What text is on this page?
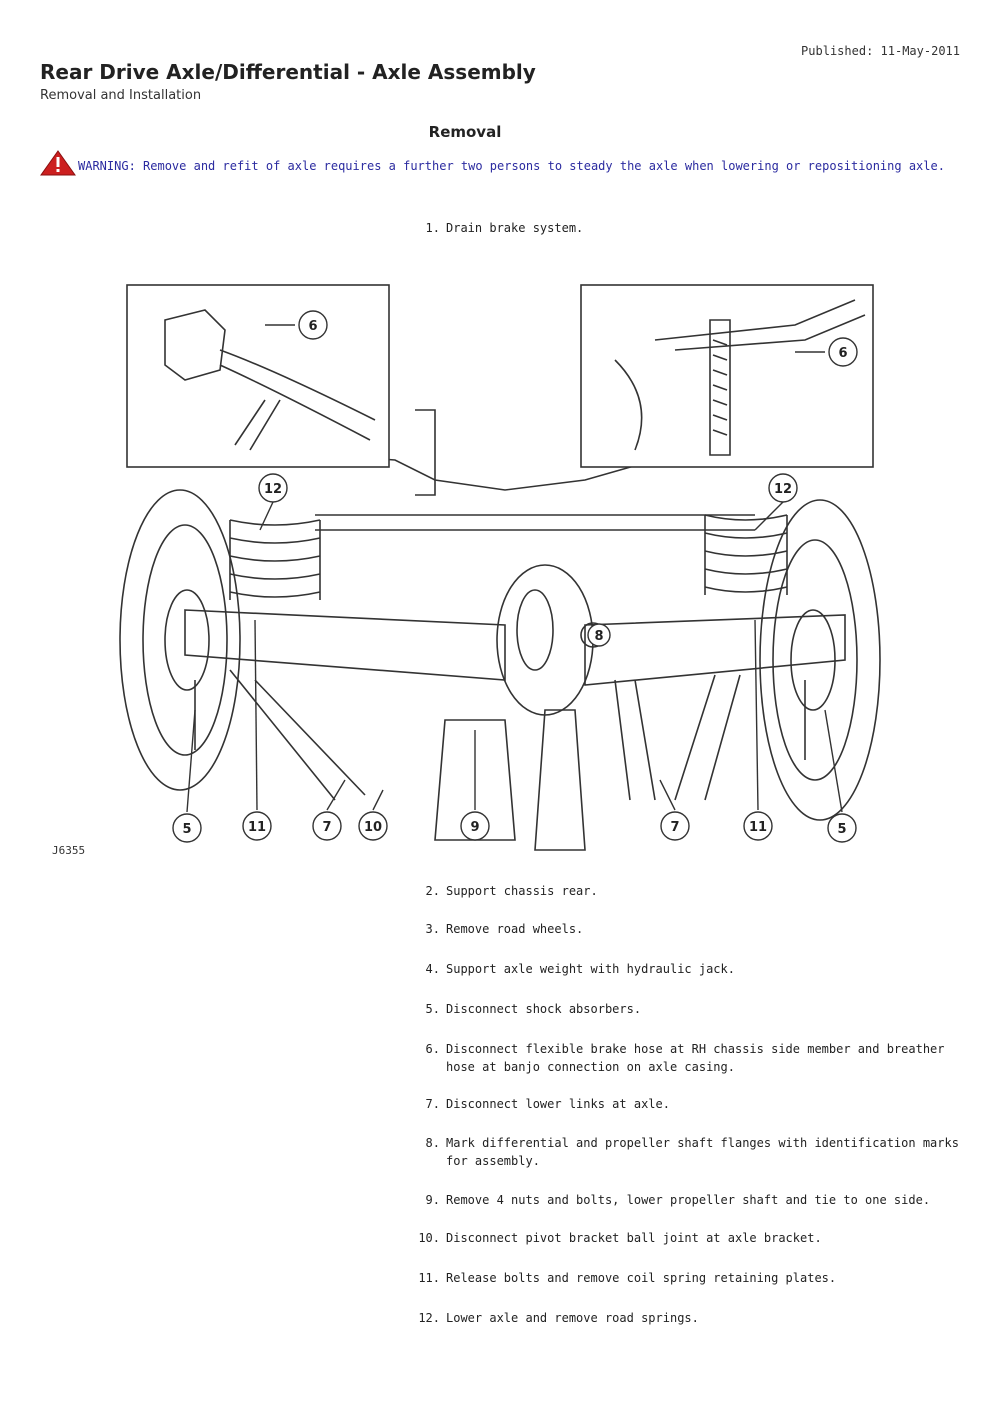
Published: 11-May-2011
Rear Drive Axle/Differential - Axle Assembly
Removal and Installation
Removal
WARNING: Remove and refit of axle requires a further two persons to steady the axle when lowering or repositioning axle.
1. Drain brake system.
6
6
12	12
8
5	11	7 10	9	7	11	5
J6355
2. Support chassis rear.
3. Remove road wheels.
4. Support axle weight with hydraulic jack.
5. Disconnect shock absorbers.
6. Disconnect flexible brake hose at RH chassis side member and breather hose at banjo connection on axle casing.
7. Disconnect lower links at axle.
8. Mark differential and propeller shaft flanges with identification marks for assembly.
9. Remove 4 nuts and bolts, lower propeller shaft and tie to one side.
10. Disconnect pivot bracket ball joint at axle bracket.
11. Release bolts and remove coil spring retaining plates.
12. Lower axle and remove road springs.
